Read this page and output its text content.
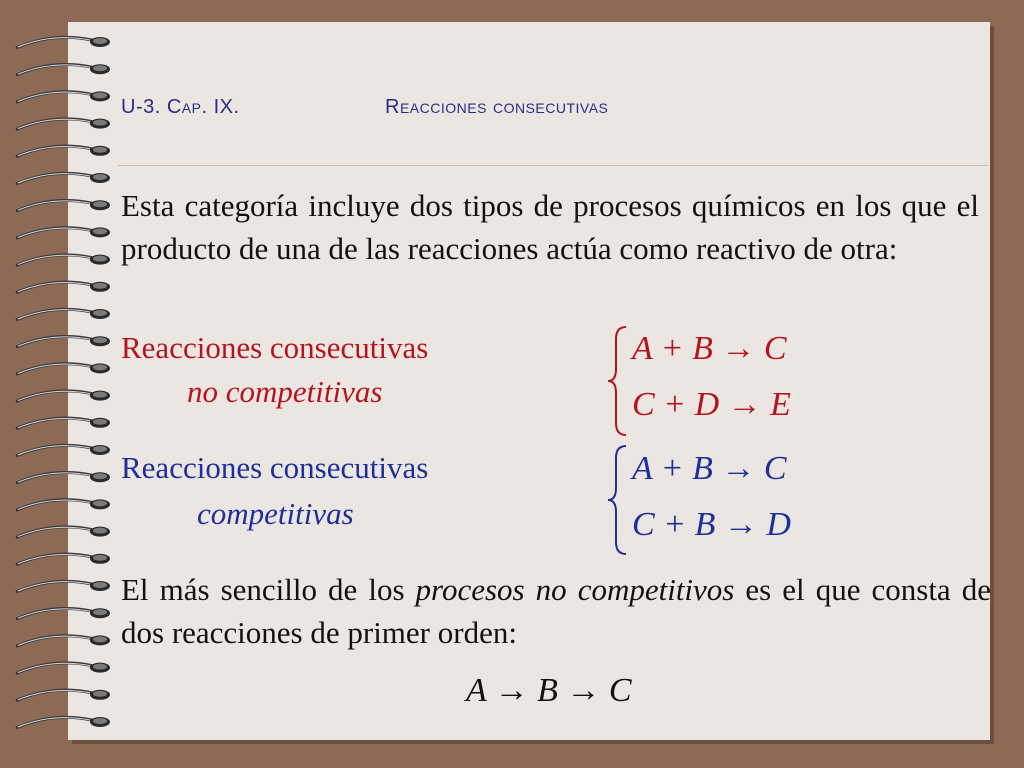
U-3. Cap. IX.	Reacciones consecutivas
Esta categoría incluye dos tipos de procesos químicos en los que el producto de una de las reacciones actúa como reactivo de otra:
Reacciones consecutivas
no competitivas
A + B → C
C + D → E
Reacciones consecutivas
competitivas
A + B → C
C + B → D
El más sencillo de los procesos no competitivos es el que consta de dos reacciones de primer orden:
A → B → C
